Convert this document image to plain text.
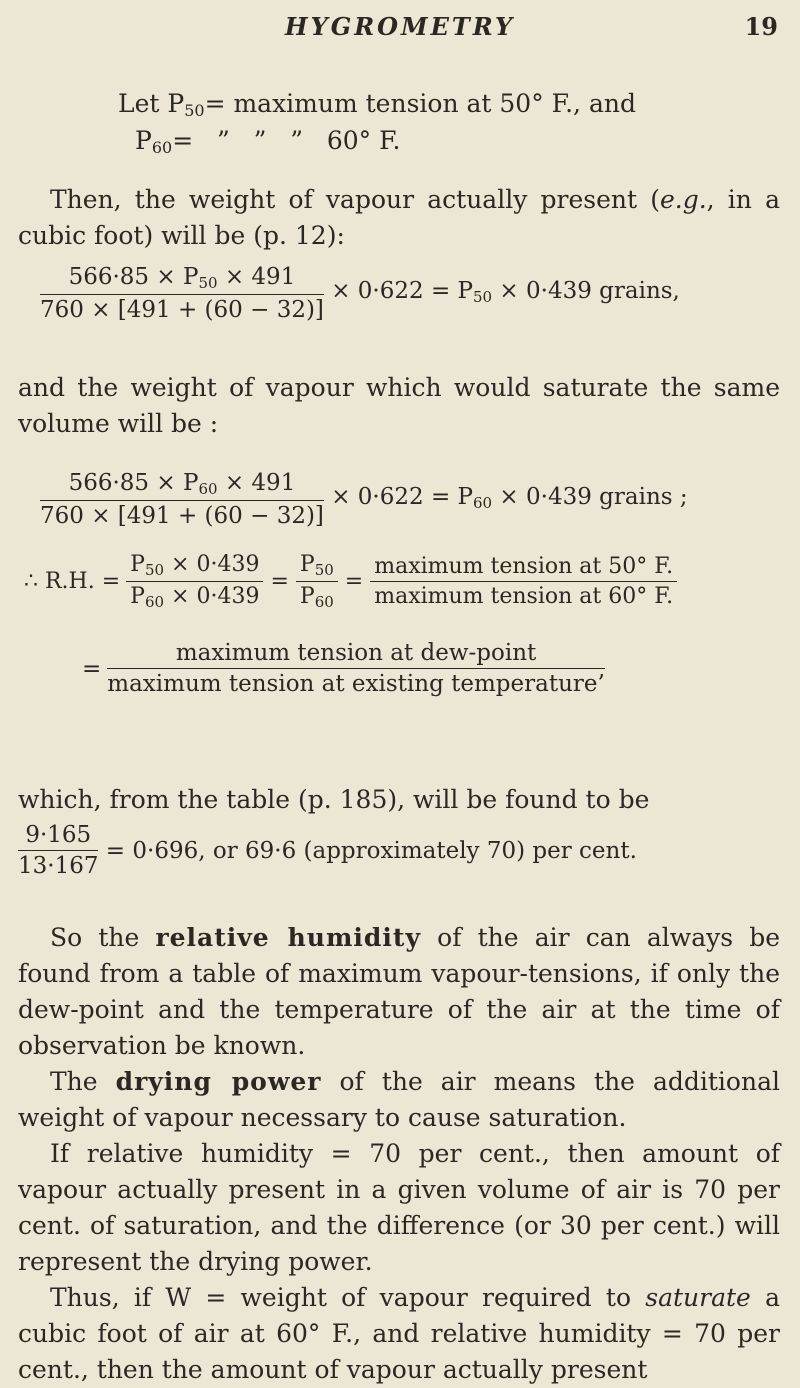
HYGROMETRY	19
Let $P_{50}=$ maximum tension at 50° F., and
$P_{60}=$   ”   ”   ”   60° F.

Then, the weight of vapour actually present (e.g., in a cubic foot) will be (p. 12):

$\frac{566\cdot 85 \times P50 \times 491}{760 \times [491 + (60 - 32)]} \times 0\cdot 622 = P50 \times 0\cdot 439$ grains,

and the weight of vapour which would saturate the same volume will be :

$\frac{566\cdot 85 \times P60 \times 491}{760 \times [491 + (60 - 32)]} \times 0\cdot 622 = P60 \times 0\cdot 439$ grains ;
∴ R.H. = $\frac{P50 \times 0\cdot 439}{P60 \times 0\cdot 439} = \frac{P50}{P60} = \frac{\text{maximum tension at 50° F.}}{\text{maximum tension at 60° F.}}$
= $\frac{\text{maximum tension at dew-point}}{\text{maximum tension at existing temperature’}}$

which, from the table (p. 185), will be found to be

$\frac{9\cdot 165}{13\cdot 167} = 0\cdot 696$, or 69·6 (approximately 70) per cent.

So the relative humidity of the air can always be found from a table of maximum vapour-tensions, if only the dew-point and the temperature of the air at the time of observation be known.

The drying power of the air means the additional weight of vapour necessary to cause saturation.

If relative humidity = 70 per cent., then amount of vapour actually present in a given volume of air is 70 per cent. of saturation, and the difference (or 30 per cent.) will represent the drying power.

Thus, if W = weight of vapour required to saturate a cubic foot of air at 60° F., and relative humidity = 70 per cent., then the amount of vapour actually present
